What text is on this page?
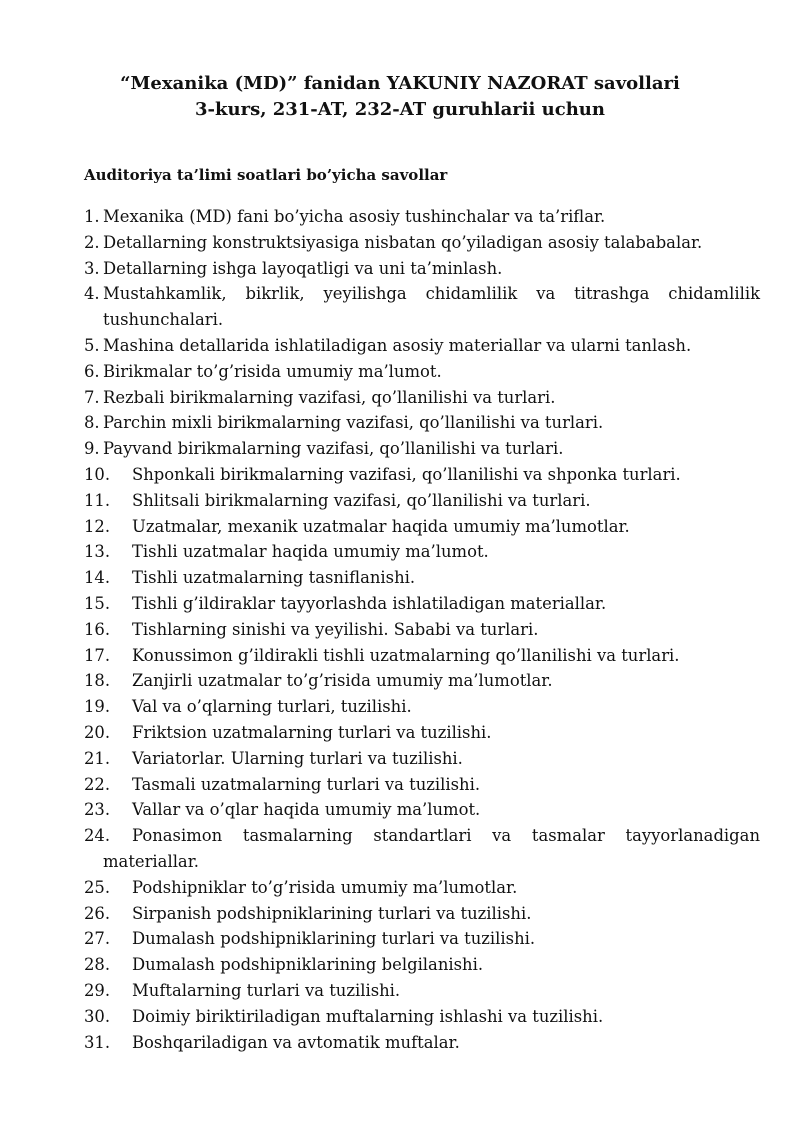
“Mexanika (MD)” fanidan YAKUNIY NAZORAT savollari
3-kurs, 231-AT, 232-AT guruhlarii uchun
Auditoriya ta’limi soatlari bo’yicha savollar
1. Mexanika (MD) fani bo’yicha asosiy tushinchalar va ta’riflar.
2. Detallarning konstruktsiyasiga nisbatan qo’yiladigan asosiy talababalar.
3. Detallarning ishga layoqatligi va uni ta’minlash.
4. Mustahkamlik, bikrlik, yeyilishga chidamlilik va titrashga chidamlilik tushunchalari.
5. Mashina detallarida ishlatiladigan asosiy materiallar va ularni tanlash.
6. Birikmalar to’g’risida umumiy ma’lumot.
7. Rezbali birikmalarning vazifasi, qo’llanilishi va turlari.
8. Parchin mixli birikmalarning vazifasi, qo’llanilishi va turlari.
9. Payvand birikmalarning vazifasi, qo’llanilishi va turlari.
10.	Shponkali birikmalarning vazifasi, qo’llanilishi va shponka turlari.
11.	Shlitsali birikmalarning vazifasi, qo’llanilishi va turlari.
12.	Uzatmalar, mexanik uzatmalar haqida umumiy ma’lumotlar.
13.	Tishli uzatmalar haqida umumiy ma’lumot.
14.	Tishli uzatmalarning tasniflanishi.
15.	Tishli g’ildiraklar tayyorlashda ishlatiladigan materiallar.
16.	Tishlarning sinishi va yeyilishi. Sababi va turlari.
17.	Konussimon g’ildirakli tishli uzatmalarning qo’llanilishi va turlari.
18.	Zanjirli uzatmalar to’g’risida umumiy ma’lumotlar.
19.	Val va o’qlarning turlari, tuzilishi.
20.	Friktsion uzatmalarning turlari va tuzilishi.
21.	Variatorlar. Ularning turlari va tuzilishi.
22.	Tasmali uzatmalarning turlari va tuzilishi.
23.	Vallar va o’qlar haqida umumiy ma’lumot.
24.	Ponasimon tasmalarning standartlari va tasmalar tayyorlanadigan materiallar.
25.	Podshipniklar to’g’risida umumiy ma’lumotlar.
26.	Sirpanish podshipniklarining turlari va tuzilishi.
27.	Dumalash podshipniklarining turlari va tuzilishi.
28.	Dumalash podshipniklarining belgilanishi.
29.	Muftalarning turlari va tuzilishi.
30.	Doimiy biriktiriladigan muftalarning ishlashi va tuzilishi.
31.	Boshqariladigan va avtomatik muftalar.
